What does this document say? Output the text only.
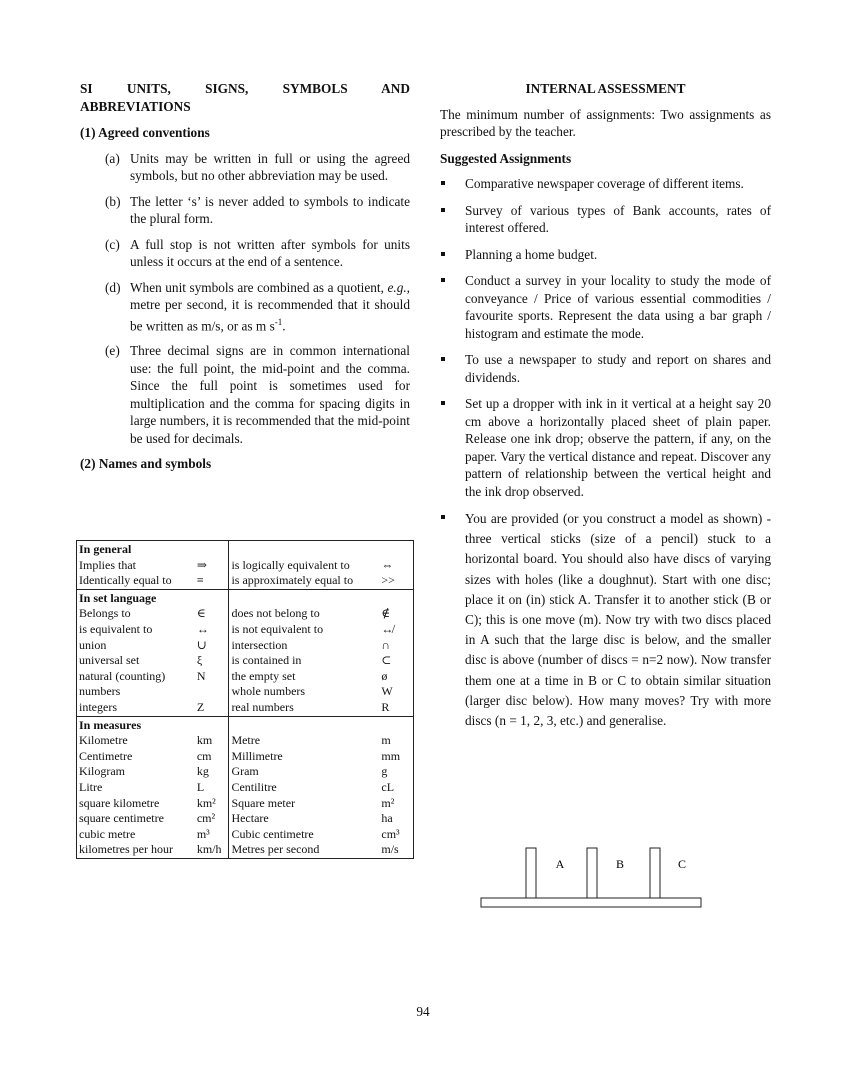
SI UNITS, SIGNS, SYMBOLS AND ABBREVIATIONS
(1) Agreed conventions
(a) Units may be written in full or using the agreed symbols, but no other abbreviation may be used.
(b) The letter ‘s’ is never added to symbols to indicate the plural form.
(c) A full stop is not written after symbols for units unless it occurs at the end of a sentence.
(d) When unit symbols are combined as a quotient, e.g., metre per second, it is recommended that it should be written as m/s, or as m $s^{-1}$.
(e) Three decimal signs are in common international use: the full point, the mid-point and the comma. Since the full point is sometimes used for multiplication and the comma for spacing digits in large numbers, it is recommended that the mid-point be used for decimals.
(2) Names and symbols
In general			
Implies that	⇒	is logically equivalent to	⇔
Identically equal to	≡	is approximately equal to	>>
In set language			
Belongs to	∈	does not belong to	∉
is equivalent to	↔	is not equivalent to	↮
union	∪	intersection	∩
universal set	ξ	is contained in	⊂
natural (counting)	N	the empty set	ø
numbers		whole numbers	W
integers	Z	real numbers	R
In measures			
Kilometre	km	Metre	m
Centimetre	cm	Millimetre	mm
Kilogram	kg	Gram	g
Litre	L	Centilitre	cL
square kilometre	km²	Square meter	m²
square centimetre	cm²	Hectare	ha
cubic metre	m³	Cubic centimetre	cm³
kilometres per hour	km/h	Metres per second	m/s
INTERNAL ASSESSMENT
The minimum number of assignments: Two assignments as prescribed by the teacher.
Suggested Assignments
Comparative newspaper coverage of different items.
Survey of various types of Bank accounts, rates of interest offered.
Planning a home budget.
Conduct a survey in your locality to study the mode of conveyance / Price of various essential commodities / favourite sports. Represent the data using a bar graph / histogram and estimate the mode.
To use a newspaper to study and report on shares and dividends.
Set up a dropper with ink in it vertical at a height say 20 cm above a horizontally placed sheet of plain paper. Release one ink drop; observe the pattern, if any, on the paper. Vary the vertical distance and repeat. Discover any pattern of relationship between the vertical height and the ink drop observed.
You are provided (or you construct a model as shown) - three vertical sticks (size of a pencil) stuck to a horizontal board. You should also have discs of varying sizes with holes (like a doughnut). Start with one disc; place it on (in) stick A. Transfer it to another stick (B or C); this is one move (m). Now try with two discs placed in A such that the large disc is below, and the smaller disc is above (number of discs = n=2 now). Now transfer them one at a time in B or C to obtain similar situation (larger disc below). How many moves? Try with more discs (n = 1, 2, 3, etc.) and generalise.
A	B	C
94
